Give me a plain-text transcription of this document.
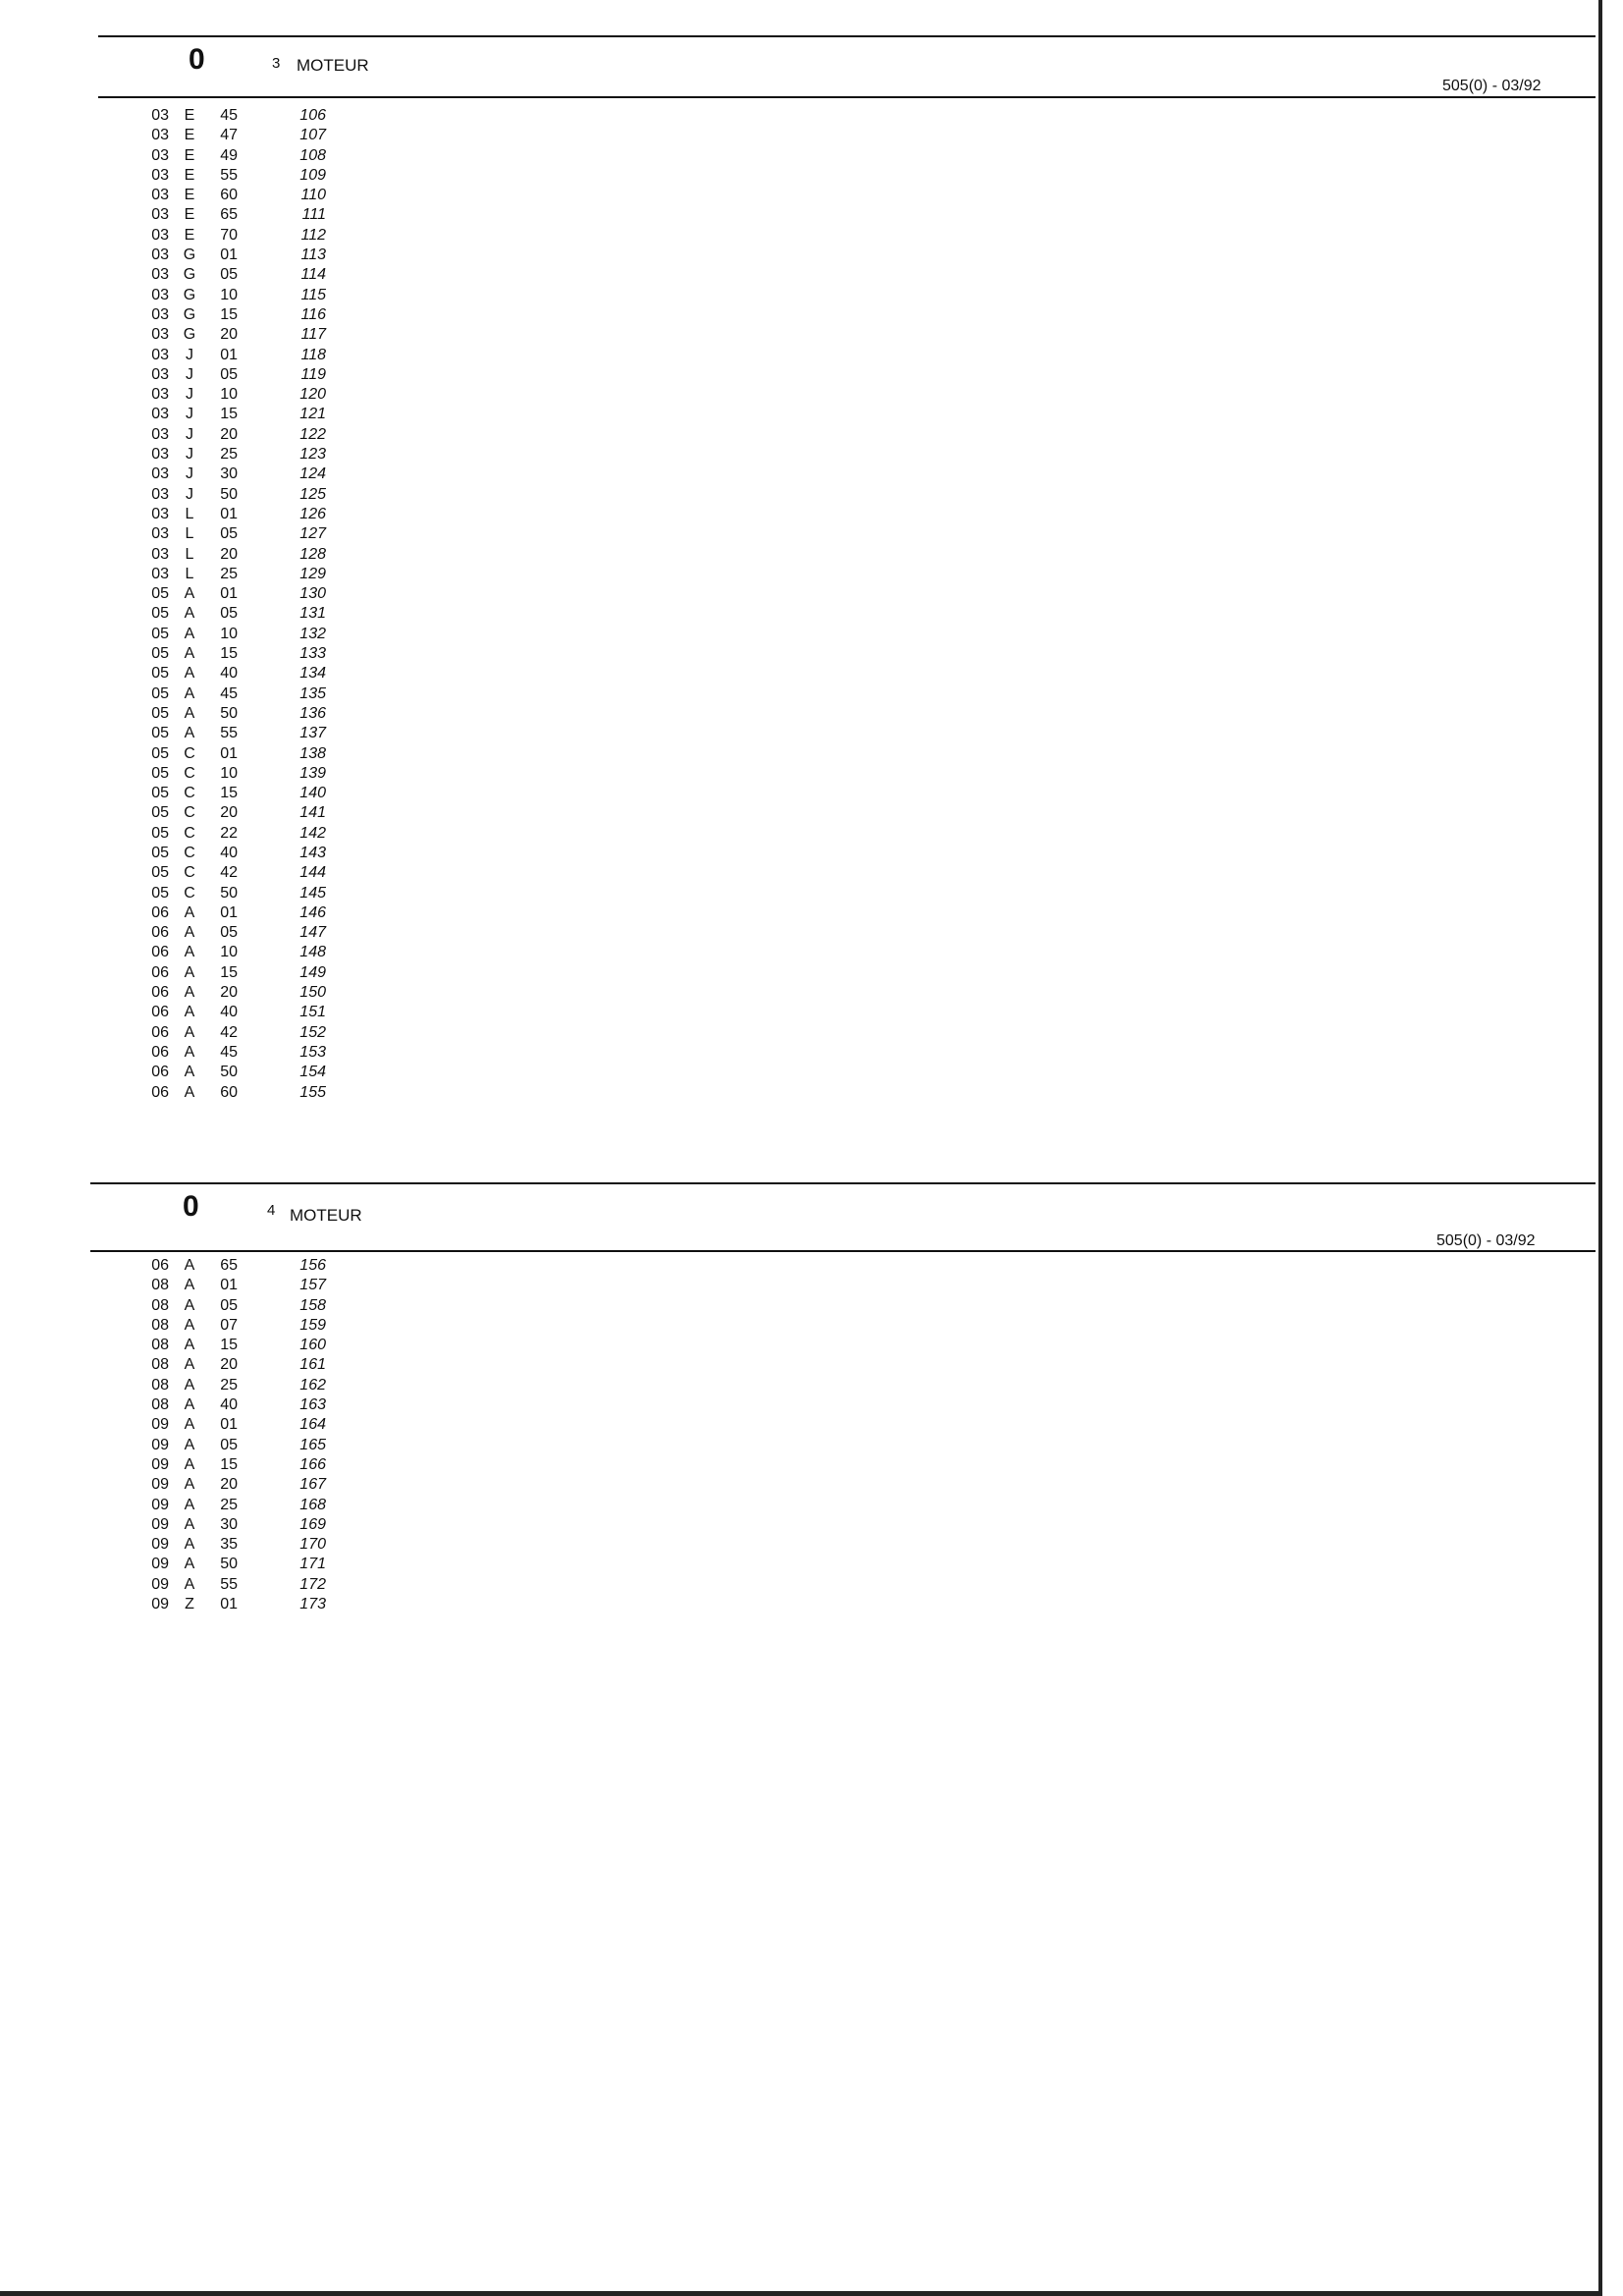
0	3 MOTEUR
505(0) - 03/92
03 E	45	106
03 E	47	107
03 E	49	108
03 E	55	109
03 E	60	110
03 E	65	111
03 E	70	112
03 G	01	113
03 G	05	114
03 G	10	115
03 G	15	116
03 G	20	117
03	J	01	118
03	J	05	119
03	J	10	120
03	J	15	121
03	J	20	122
03	J	25	123
03	J	30	124
03	J	50	125
03	L	01	126
03	L	05	127
03	L	20	128
03	L	25	129
05 A	01	130
05 A	05	131
05 A	10	132
05 A	15	133
05 A	40	134
05 A	45	135
05 A	50	136
05 A	55	137
05 C	01	138
05 C	10	139
05 C	15	140
05 C	20	141
05 C	22	142
05 C	40	143
05 C	42	144
05 C	50	145
06 A	01	146
06 A	05	147
06 A	10	148
06 A	15	149
06 A	20	150
06 A	40	151
06 A	42	152
06 A	45	153
06 A	50	154
06 A	60	155
0	4 MOTEUR
505(0) - 03/92
06 A	65	156
08 A	01	157
08 A	05	158
08 A	07	159
08 A	15	160
08 A	20	161
08 A	25	162
08 A	40	163
09 A	01	164
09 A	05	165
09 A	15	166
09 A	20	167
09 A	25	168
09 A	30	169
09 A	35	170
09 A	50	171
09 A	55	172
09	Z	01	173
